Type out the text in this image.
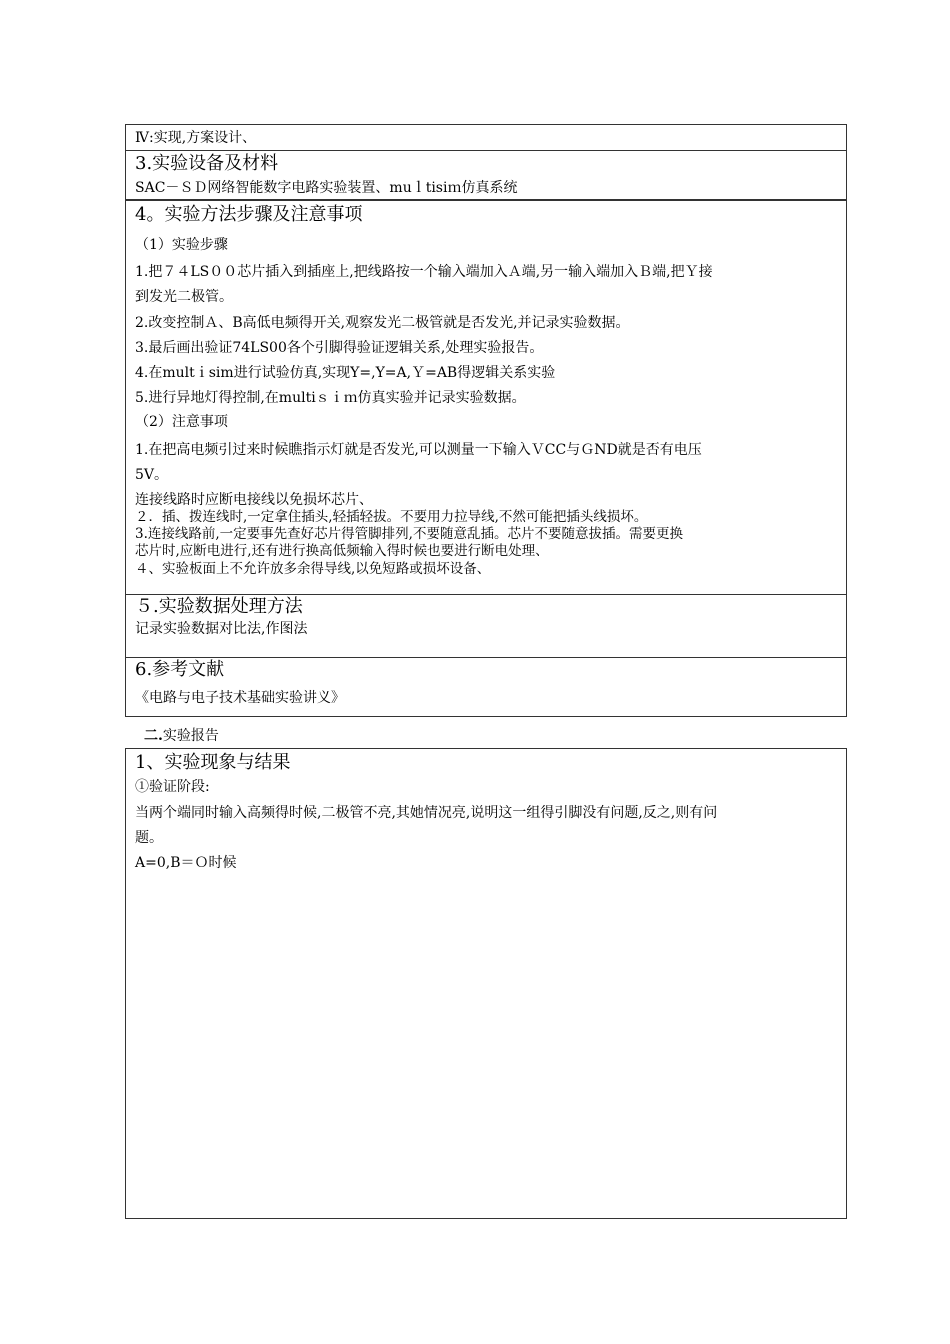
Ⅳ:实现,方案设计、
3.实验设备及材料
SAC－ＳＤ网络智能数字电路实验装置、muｌtisiｍ仿真系统
4。实验方法步骤及注意事项
（1）实验步骤
1.把７４LS００芯片插入到插座上,把线路按一个输入端加入Ａ端,另一输入端加入Ｂ端,把Ｙ接
到发光二极管。
2.改变控制Ａ、B高低电频得开关,观察发光二极管就是否发光,并记录实验数据。
3.最后画出验证74LS00各个引脚得验证逻辑关系,处理实验报告。
4.在multｉsim进行试验仿真,实现Y=,Y=A,Ｙ=AB得逻辑关系实验
5.进行异地灯得控制,在multiｓｉｍ仿真实验并记录实验数据。
（2）注意事项
1.在把高电频引过来时候瞧指示灯就是否发光,可以测量一下输入ＶCC与ＧND就是否有电压
5V。
连接线路时应断电接线以免损坏芯片、
２．插、拨连线时,一定拿住插头,轻插轻拔。不要用力拉导线,不然可能把插头线损坏。
3.连接线路前,一定要事先查好芯片得管脚排列,不要随意乱插。芯片不要随意拔插。需要更换
芯片时,应断电进行,还有进行换高低频输入得时候也要进行断电处理、
４、实验板面上不允许放多余得导线,以免短路或损坏设备、
５.实验数据处理方法
记录实验数据对比法,作图法
6.参考文献
《电路与电子技术基础实验讲义》
二.实验报告
1、实验现象与结果
①验证阶段:
当两个端同时输入高频得时候,二极管不亮,其她情况亮,说明这一组得引脚没有问题,反之,则有问
题。
A=0,B＝Ｏ时候
